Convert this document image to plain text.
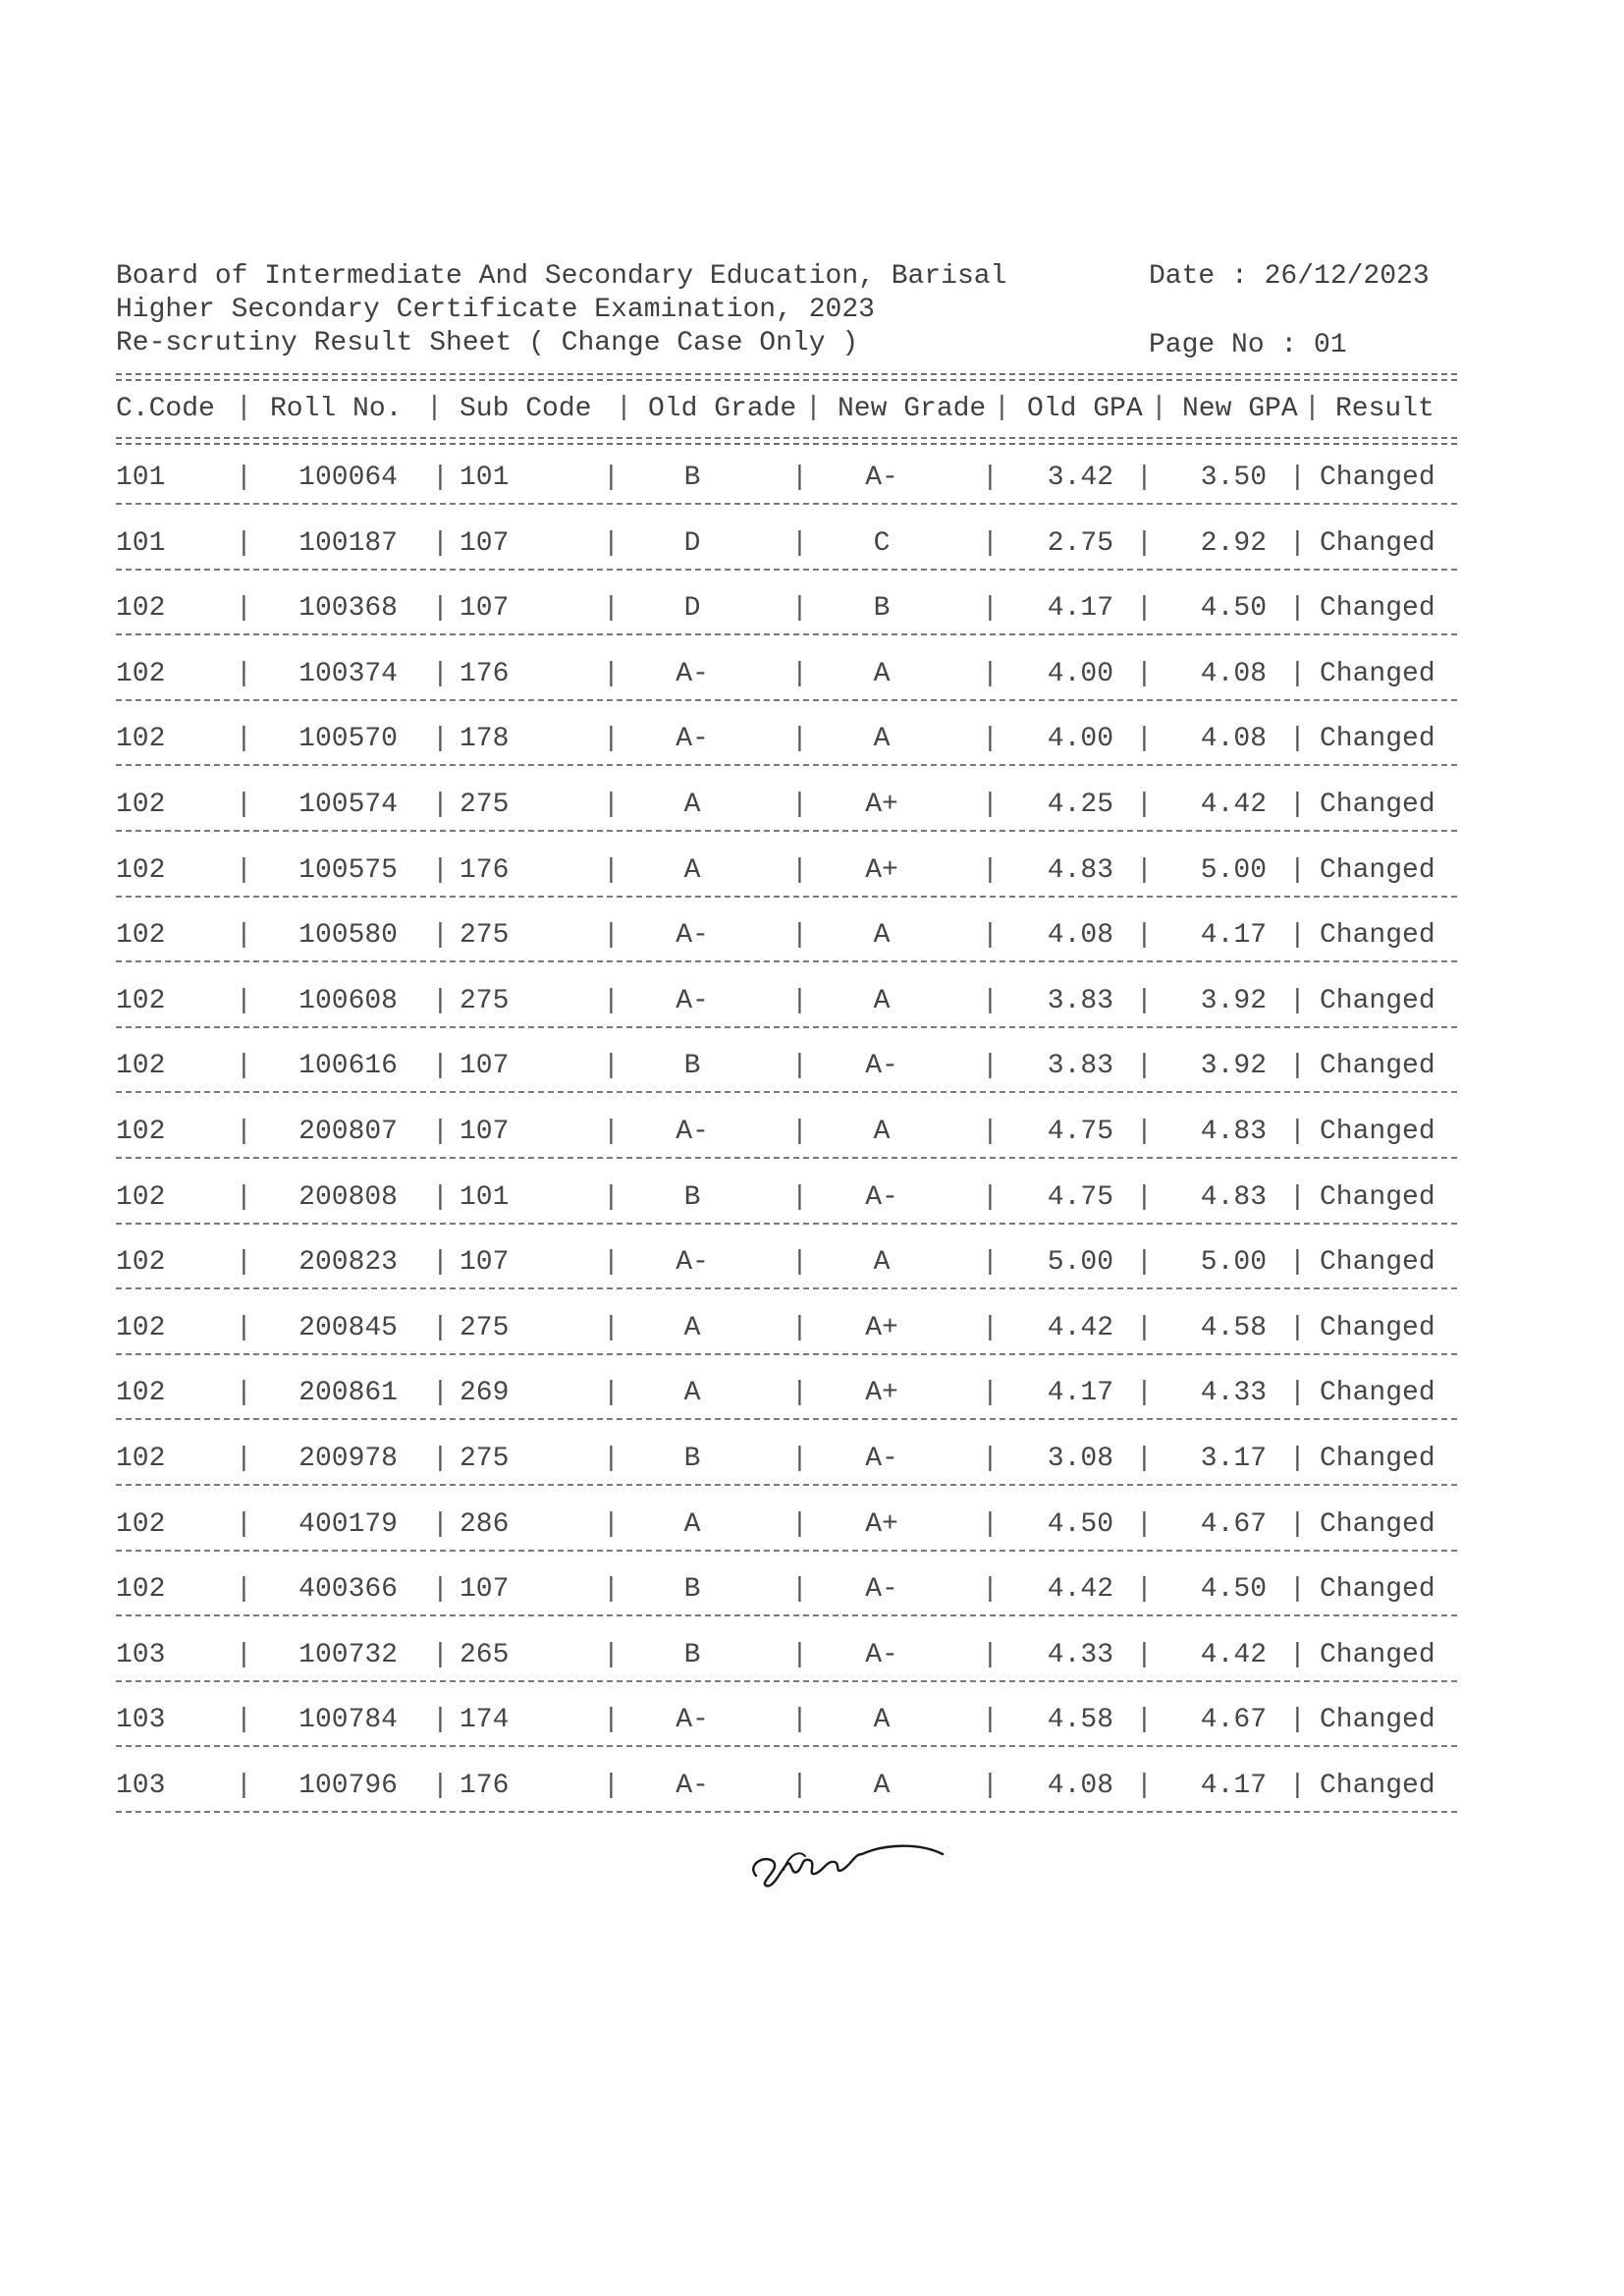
Board of Intermediate And Secondary Education, Barisal	Date : 26/12/2023
Higher Secondary Certificate Examination, 2023
Re-scrutiny Result Sheet ( Change Case Only )	Page No : 01
C.Code | Roll No. | Sub Code | Old Grade | New Grade | Old GPA | New GPA | Result
101	|	100064 | 101	|	B	|	A-	|	3.42 |	3.50 | Changed
101	|	100187 | 107	|	D	|	C	|	2.75 |	2.92 | Changed
102	|	100368 | 107	|	D	|	B	|	4.17 |	4.50 | Changed
102	|	100374 | 176	|	A-	|	A	|	4.00 |	4.08 | Changed
102	|	100570 | 178	|	A-	|	A	|	4.00 |	4.08 | Changed
102	|	100574 | 275	|	A	|	A+	|	4.25 |	4.42 | Changed
102	|	100575 | 176	|	A	|	A+	|	4.83 |	5.00 | Changed
102	|	100580 | 275	|	A-	|	A	|	4.08 |	4.17 | Changed
102	|	100608 | 275	|	A-	|	A	|	3.83 |	3.92 | Changed
102	|	100616 | 107	|	B	|	A-	|	3.83 |	3.92 | Changed
102	|	200807 | 107	|	A-	|	A	|	4.75 |	4.83 | Changed
102	|	200808 | 101	|	B	|	A-	|	4.75 |	4.83 | Changed
102	|	200823 | 107	|	A-	|	A	|	5.00 |	5.00 | Changed
102	|	200845 | 275	|	A	|	A+	|	4.42 |	4.58 | Changed
102	|	200861 | 269	|	A	|	A+	|	4.17 |	4.33 | Changed
102	|	200978 | 275	|	B	|	A-	|	3.08 |	3.17 | Changed
102	|	400179 | 286	|	A	|	A+	|	4.50 |	4.67 | Changed
102	|	400366 | 107	|	B	|	A-	|	4.42 |	4.50 | Changed
103	|	100732 | 265	|	B	|	A-	|	4.33 |	4.42 | Changed
103	|	100784 | 174	|	A-	|	A	|	4.58 |	4.67 | Changed
103	|	100796 | 176	|	A-	|	A	|	4.08 |	4.17 | Changed
